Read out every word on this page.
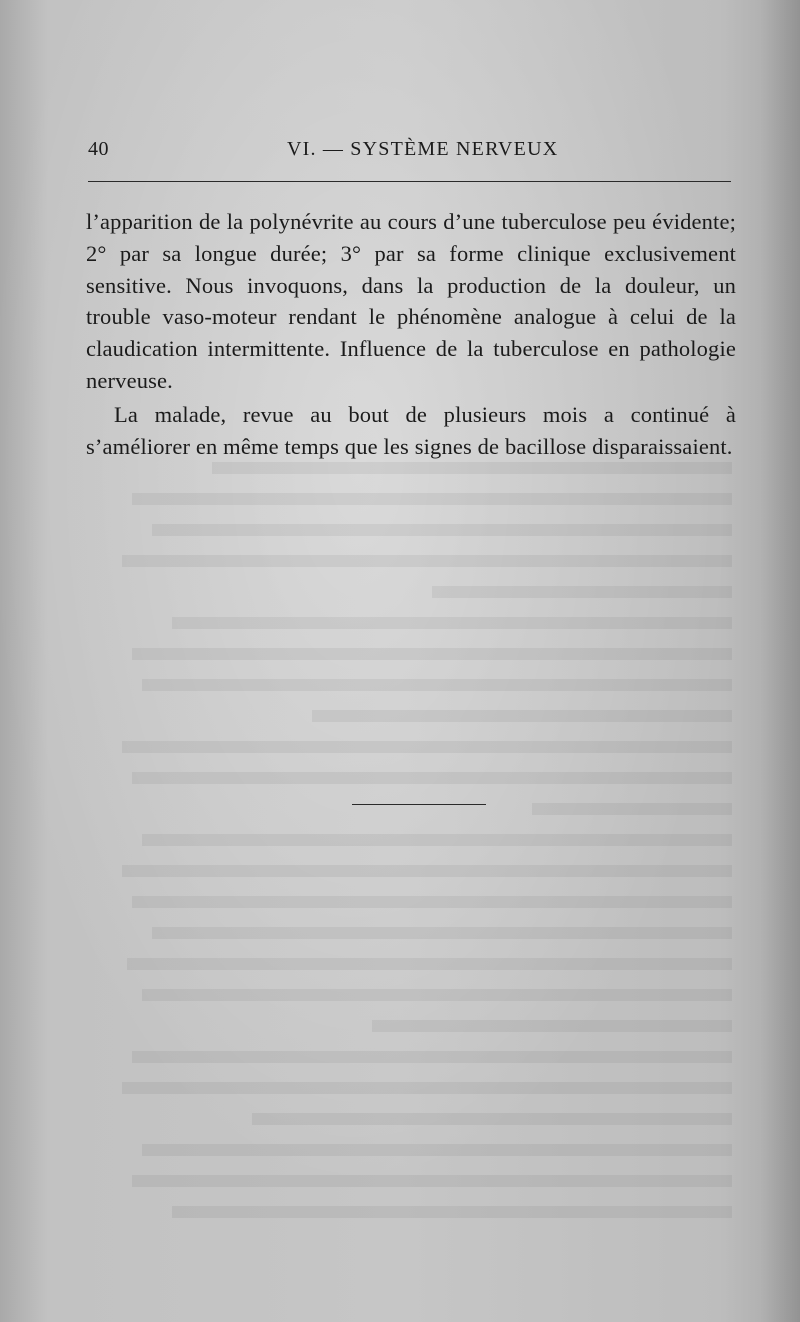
40	VI. — SYSTÈME NERVEUX

l’apparition de la polynévrite au cours d’une tuberculose peu évidente; 2° par sa longue durée; 3° par sa forme clinique exclusivement sensitive. Nous invoquons, dans la production de la douleur, un trouble vaso-moteur rendant le phénomène analogue à celui de la claudication intermittente. Influence de la tuberculose en pathologie nerveuse.

La malade, revue au bout de plusieurs mois a continué à s’améliorer en même temps que les signes de bacillose disparaissaient.
